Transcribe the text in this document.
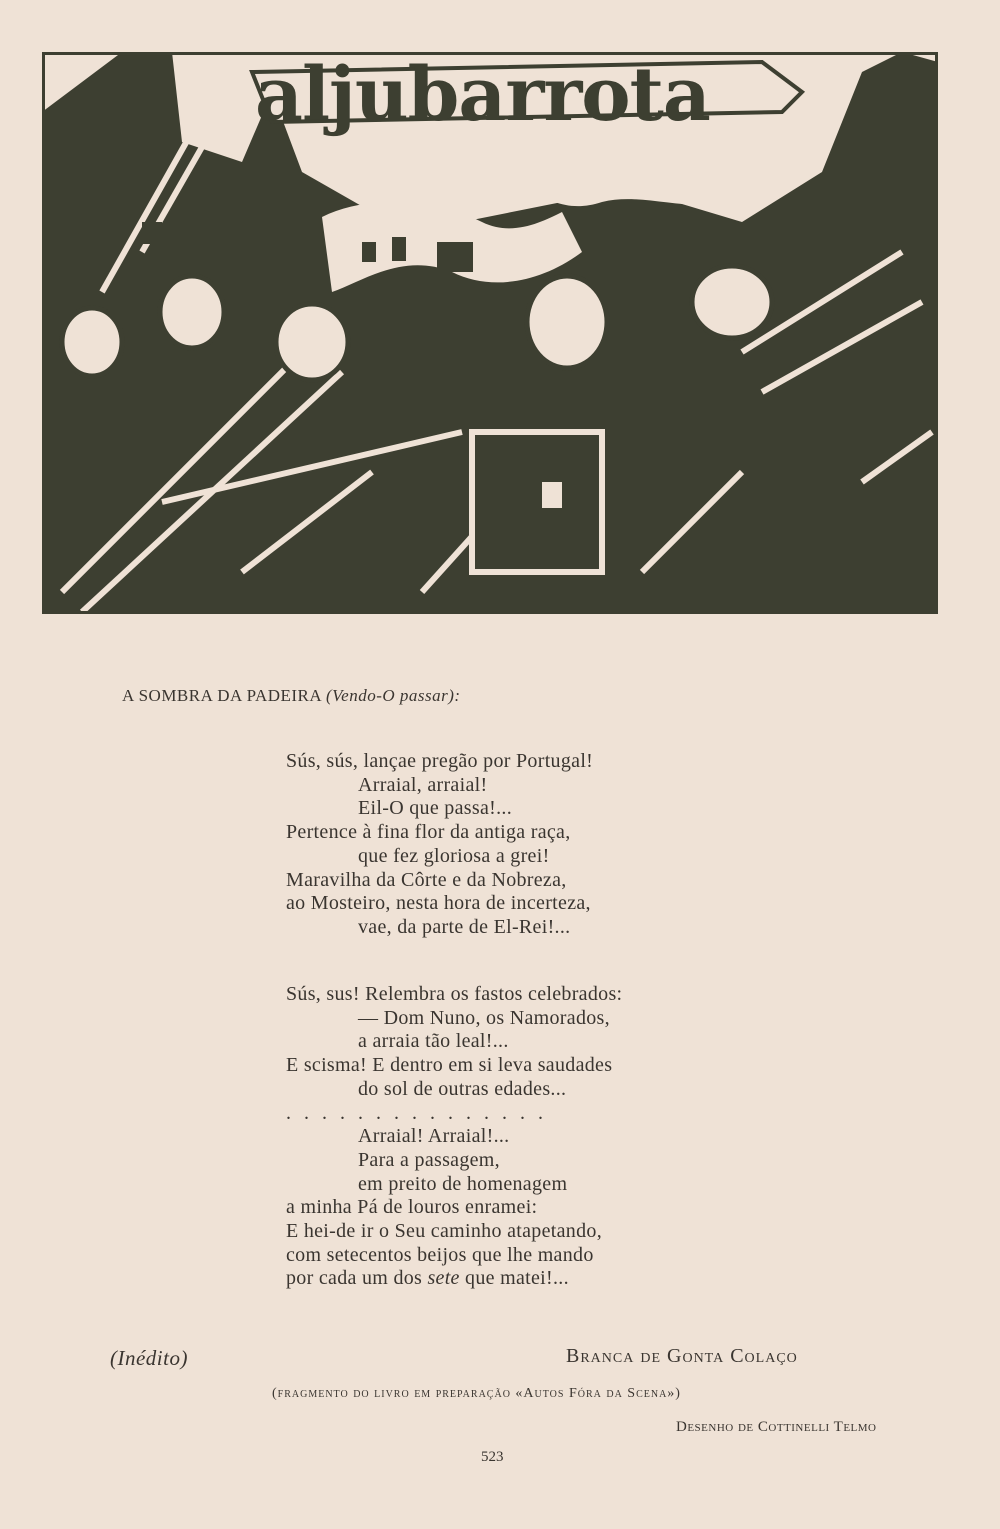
aljubarrota
A SOMBRA DA PADEIRA (Vendo-O passar):
Sús, sús, lançae pregão por Portugal!
Arraial, arraial!
Eil-O que passa!...
Pertence à fina flor da antiga raça,
que fez gloriosa a grei!
Maravilha da Côrte e da Nobreza,
ao Mosteiro, nesta hora de incerteza,
vae, da parte de El-Rei!...
Sús, sus! Relembra os fastos celebrados:
— Dom Nuno, os Namorados,
a arraia tão leal!...
E scisma! E dentro em si leva saudades
do sol de outras edades...
...............
Arraial! Arraial!...
Para a passagem,
em preito de homenagem
a minha Pá de louros enramei:
E hei-de ir o Seu caminho atapetando,
com setecentos beijos que lhe mando
por cada um dos sete que matei!...
(Inédito)	Branca de Gonta Colaço
(fragmento do livro em preparação «Autos Fóra da Scena»)
Desenho de Cottinelli Telmo
523
